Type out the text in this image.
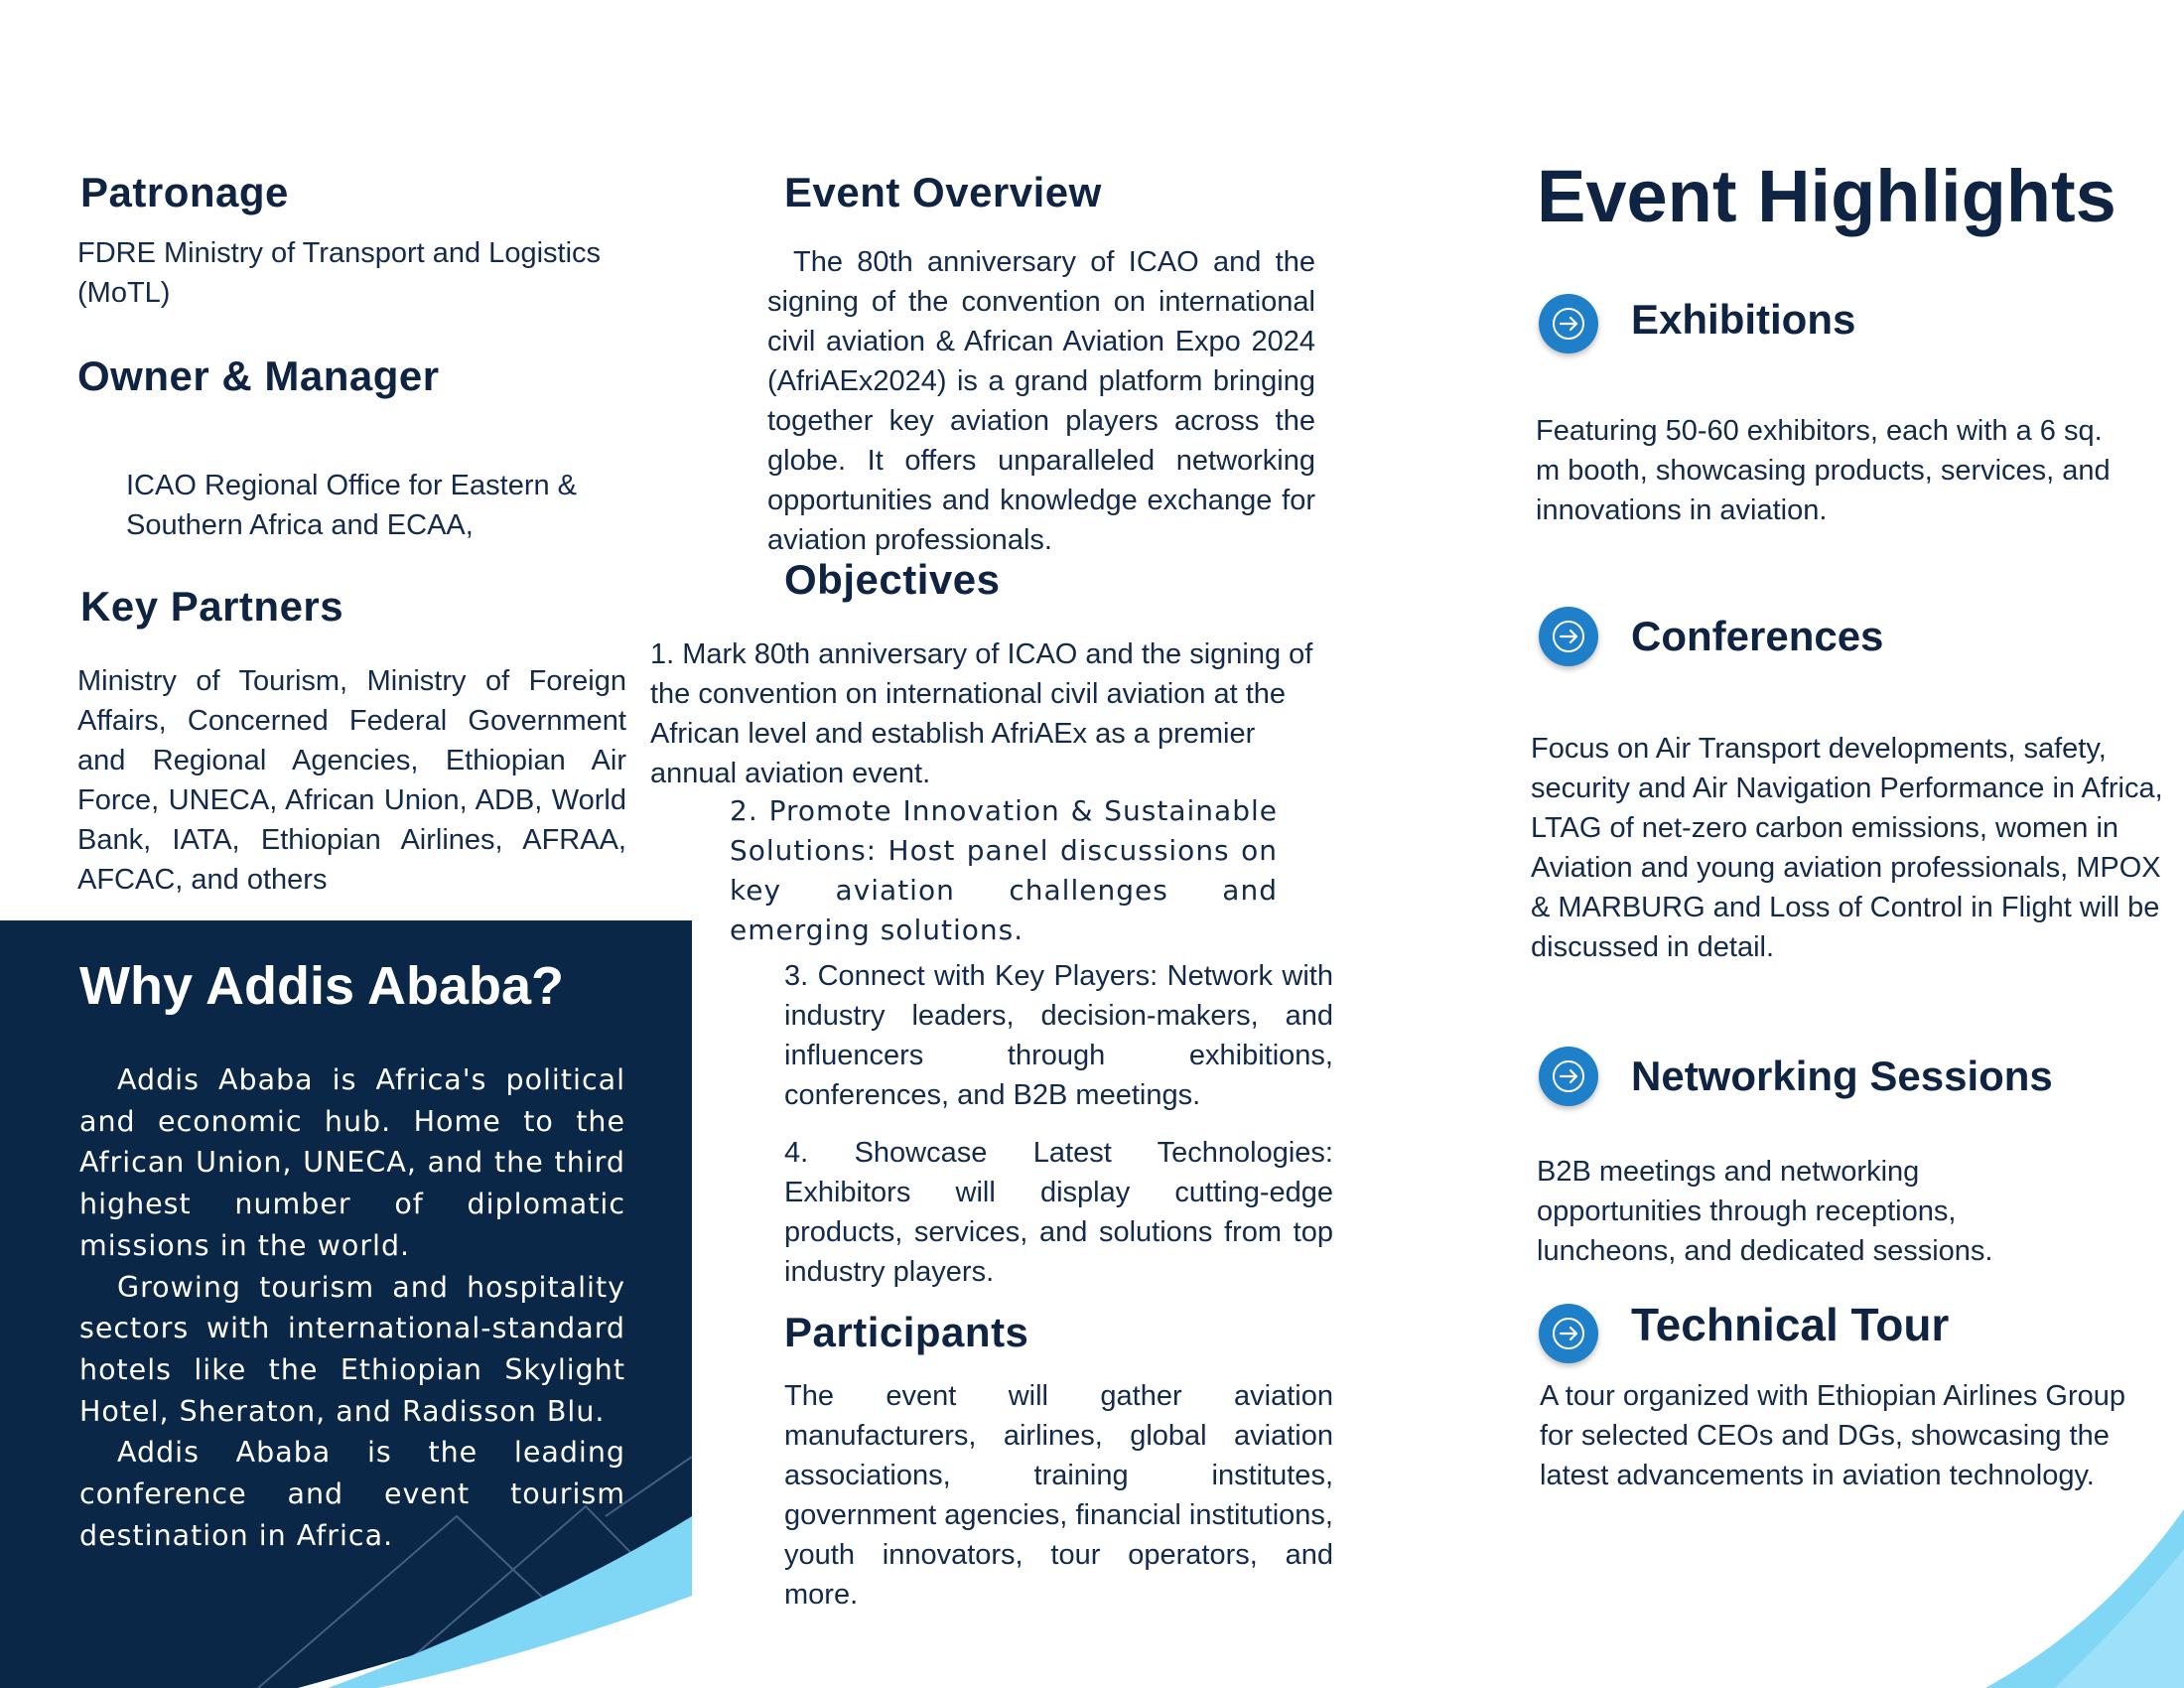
Patronage

FDRE Ministry of Transport and Logistics (MoTL)

Owner & Manager

ICAO Regional Office for Eastern & Southern Africa and ECAA,

Key Partners

Ministry of Tourism, Ministry of Foreign Affairs, Concerned Federal Government and Regional Agencies, Ethiopian Air Force, UNECA, African Union, ADB, World Bank, IATA, Ethiopian Airlines, AFRAA, AFCAC, and others

Why Addis Ababa?

Addis Ababa is Africa's political and economic hub. Home to the African Union, UNECA, and the third highest number of diplomatic missions in the world.

Growing tourism and hospitality sectors with international-standard hotels like the Ethiopian Skylight Hotel, Sheraton, and Radisson Blu.

Addis Ababa is the leading conference and event tourism destination in Africa.

Event Overview

The 80th anniversary of ICAO and the signing of the convention on international civil aviation & African Aviation Expo 2024 (AfriAEx2024) is a grand platform bringing together key aviation players across the globe. It offers unparalleled networking opportunities and knowledge exchange for aviation professionals.

Objectives

1. Mark 80th anniversary of ICAO and the signing of the convention on international civil aviation at the African level and establish AfriAEx as a premier annual aviation event.

2. Promote Innovation & Sustainable Solutions: Host panel discussions on key aviation challenges and emerging solutions.

3. Connect with Key Players: Network with industry leaders, decision-makers, and influencers through exhibitions, conferences, and B2B meetings.

4. Showcase Latest Technologies: Exhibitors will display cutting-edge products, services, and solutions from top industry players.

Participants

The event will gather aviation manufacturers, airlines, global aviation associations, training institutes, government agencies, financial institutions, youth innovators, tour operators, and more.

Event Highlights
Exhibitions

Featuring 50-60 exhibitors, each with a 6 sq. m booth, showcasing products, services, and innovations in aviation.

Conferences

Focus on Air Transport developments, safety, security and Air Navigation Performance in Africa, LTAG of net-zero carbon emissions, women in Aviation and young aviation professionals, MPOX & MARBURG and Loss of Control in Flight will be discussed in detail.

Networking Sessions

B2B meetings and networking opportunities through receptions, luncheons, and dedicated sessions.

Technical Tour

A tour organized with Ethiopian Airlines Group for selected CEOs and DGs, showcasing the latest advancements in aviation technology.
